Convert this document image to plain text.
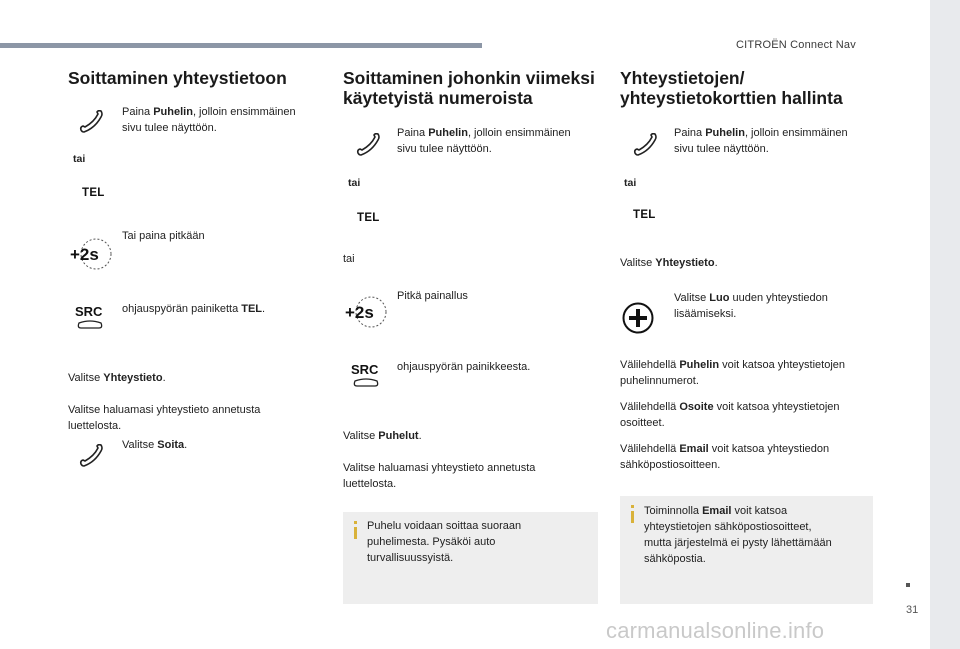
CITROËN Connect Nav
Soittaminen yhteystietoon
Paina Puhelin, jolloin ensimmäinen
sivu tulee näyttöön.
tai
TEL
+2s
Tai paina pitkään
SRC ohjauspyörän painiketta TEL.
Valitse Yhteystieto.
Valitse haluamasi yhteystieto annetusta
luettelosta.
Valitse Soita.
Soittaminen johonkin viimeksi
käytetyistä numeroista
Paina Puhelin, jolloin ensimmäinen
sivu tulee näyttöön.
tai
TEL
tai
+2s
Pitkä painallus
SRC ohjauspyörän painikkeesta.
Valitse Puhelut.
Valitse haluamasi yhteystieto annetusta
luettelosta.
Puhelu voidaan soittaa suoraan
puhelimesta. Pysäköi auto
turvallisuussyistä.
Yhteystietojen/
yhteystietokorttien hallinta
Paina Puhelin, jolloin ensimmäinen
sivu tulee näyttöön.
tai
TEL
Valitse Yhteystieto.
Valitse Luo uuden yhteystiedon
lisäämiseksi.
Välilehdellä Puhelin voit katsoa yhteystietojen
puhelinnumerot.
Välilehdellä Osoite voit katsoa yhteystietojen
osoitteet.
Välilehdellä Email voit katsoa yhteystiedon
sähköpostiosoitteen.
Toiminnolla Email voit katsoa
yhteystietojen sähköpostiosoitteet,
mutta järjestelmä ei pysty lähettämään
sähköpostia.
31
carmanualsonline.info
